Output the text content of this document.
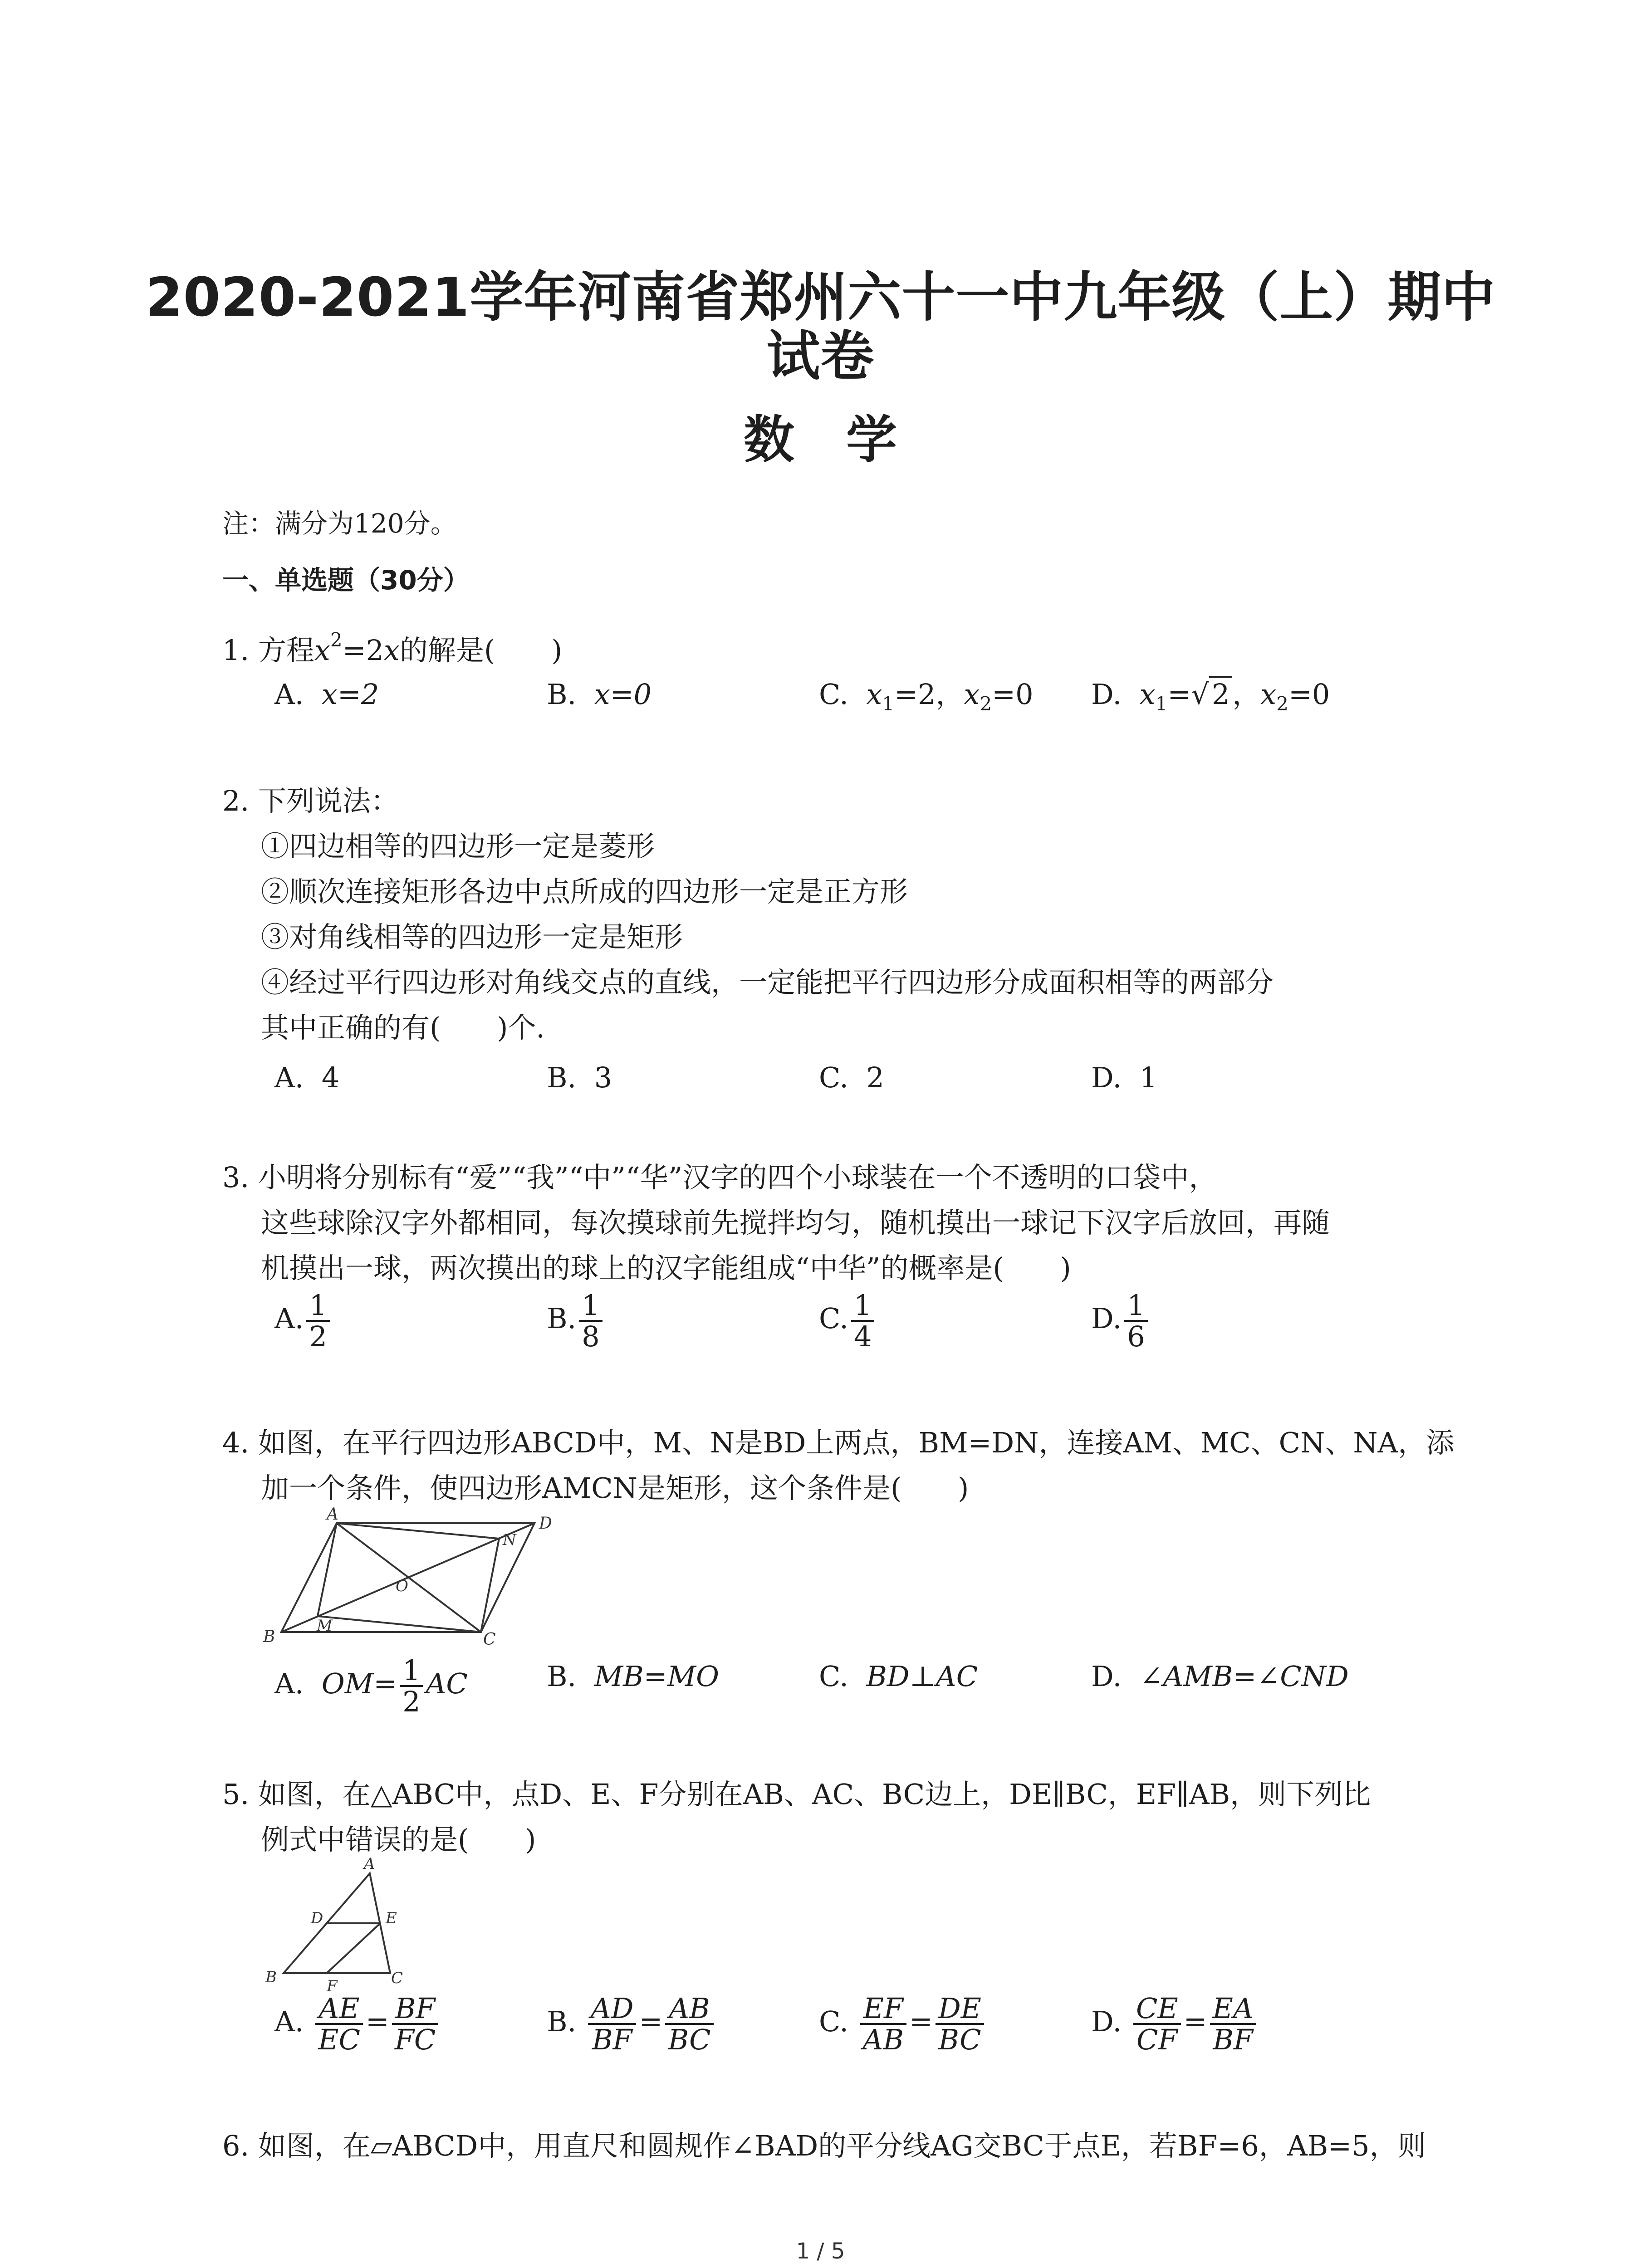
2020-2021学年河南省郑州六十一中九年级（上）期中
试卷
数　学
注：满分为120分。
一、单选题（30分）
1. 方程$x^2=2x$的解是(　　)
A. x=2	B. x=0	C. $x_1=2$，$x_2=0$ D. $x_1=√2$，$x_2=0$
2. 下列说法：
①四边相等的四边形一定是菱形
②顺次连接矩形各边中点所成的四边形一定是正方形
③对角线相等的四边形一定是矩形
④经过平行四边形对角线交点的直线，一定能把平行四边形分成面积相等的两部分
其中正确的有(　　)个.
A. 4	B. 3	C. 2	D. 1
3. 小明将分别标有“爱”“我”“中”“华”汉字的四个小球装在一个不透明的口袋中，
这些球除汉字外都相同，每次摸球前先搅拌均匀，随机摸出一球记下汉字后放回，再随
机摸出一球，两次摸出的球上的汉字能组成“中华”的概率是(　　)
A. $\frac{1}{2}$	B. $\frac{1}{8}$	C. $\frac{1}{4}$	D. $\frac{1}{6}$
4. 如图，在平行四边形ABCD中，M、N是BD上两点，BM=DN，连接AM、MC、CN、NA，添
加一个条件，使四边形AMCN是矩形，这个条件是(　　)
A	D
C
B
M
N
O
A. $OM= \frac{1}{2}$ AC	B. MB=MO	C. BD⊥AC	D. ∠AMB=∠CND
5. 如图，在△ABC中，点D、E、F分别在AB、AC、BC边上，DE∥BC，EF∥AB，则下列比
例式中错误的是(　　)
A
D	E
B	C
F
A. $\frac{AE}{EC} = \frac{BF}{FC}$	B. $\frac{AD}{BF} = \frac{AB}{BC}$	C. $\frac{EF}{AB} = \frac{DE}{BC}$	D. $\frac{CE}{CF} = \frac{EA}{BF}$
6. 如图，在▱ABCD中，用直尺和圆规作∠BAD的平分线AG交BC于点E，若BF=6，AB=5，则
1 / 5
